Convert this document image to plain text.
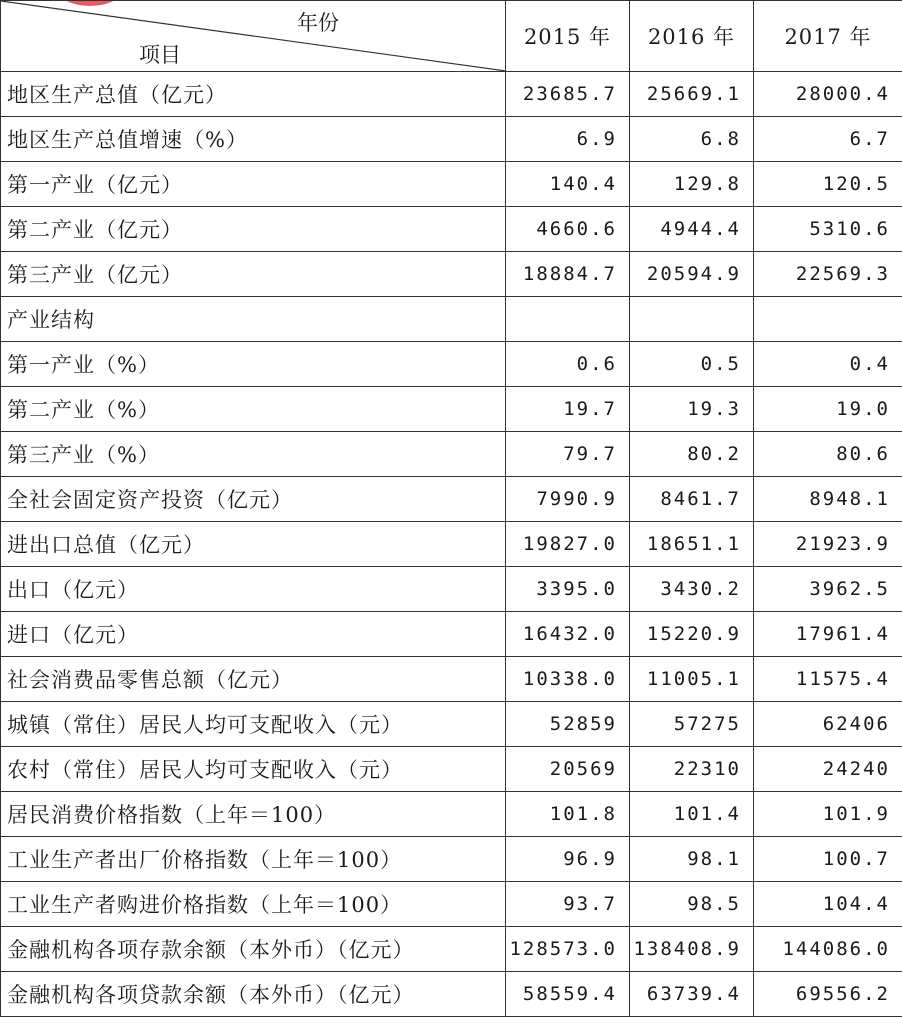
年份
项目	2015 年	2016 年	2017 年
地区生产总值（亿元）	23685.7	25669.1	28000.4
地区生产总值增速（%）	6.9	6.8	6.7
第一产业（亿元）	140.4	129.8	120.5
第二产业（亿元）	4660.6	4944.4	5310.6
第三产业（亿元）	18884.7	20594.9	22569.3
产业结构			
第一产业（%）	0.6	0.5	0.4
第二产业（%）	19.7	19.3	19.0
第三产业（%）	79.7	80.2	80.6
全社会固定资产投资（亿元）	7990.9	8461.7	8948.1
进出口总值（亿元）	19827.0	18651.1	21923.9
出口（亿元）	3395.0	3430.2	3962.5
进口（亿元）	16432.0	15220.9	17961.4
社会消费品零售总额（亿元）	10338.0	11005.1	11575.4
城镇（常住）居民人均可支配收入（元）	52859	57275	62406
农村（常住）居民人均可支配收入（元）	20569	22310	24240
居民消费价格指数（上年＝100）	101.8	101.4	101.9
工业生产者出厂价格指数（上年＝100）	96.9	98.1	100.7
工业生产者购进价格指数（上年＝100）	93.7	98.5	104.4
金融机构各项存款余额（本外币）（亿元）	128573.0	138408.9	144086.0
金融机构各项贷款余额（本外币）（亿元）	58559.4	63739.4	69556.2
